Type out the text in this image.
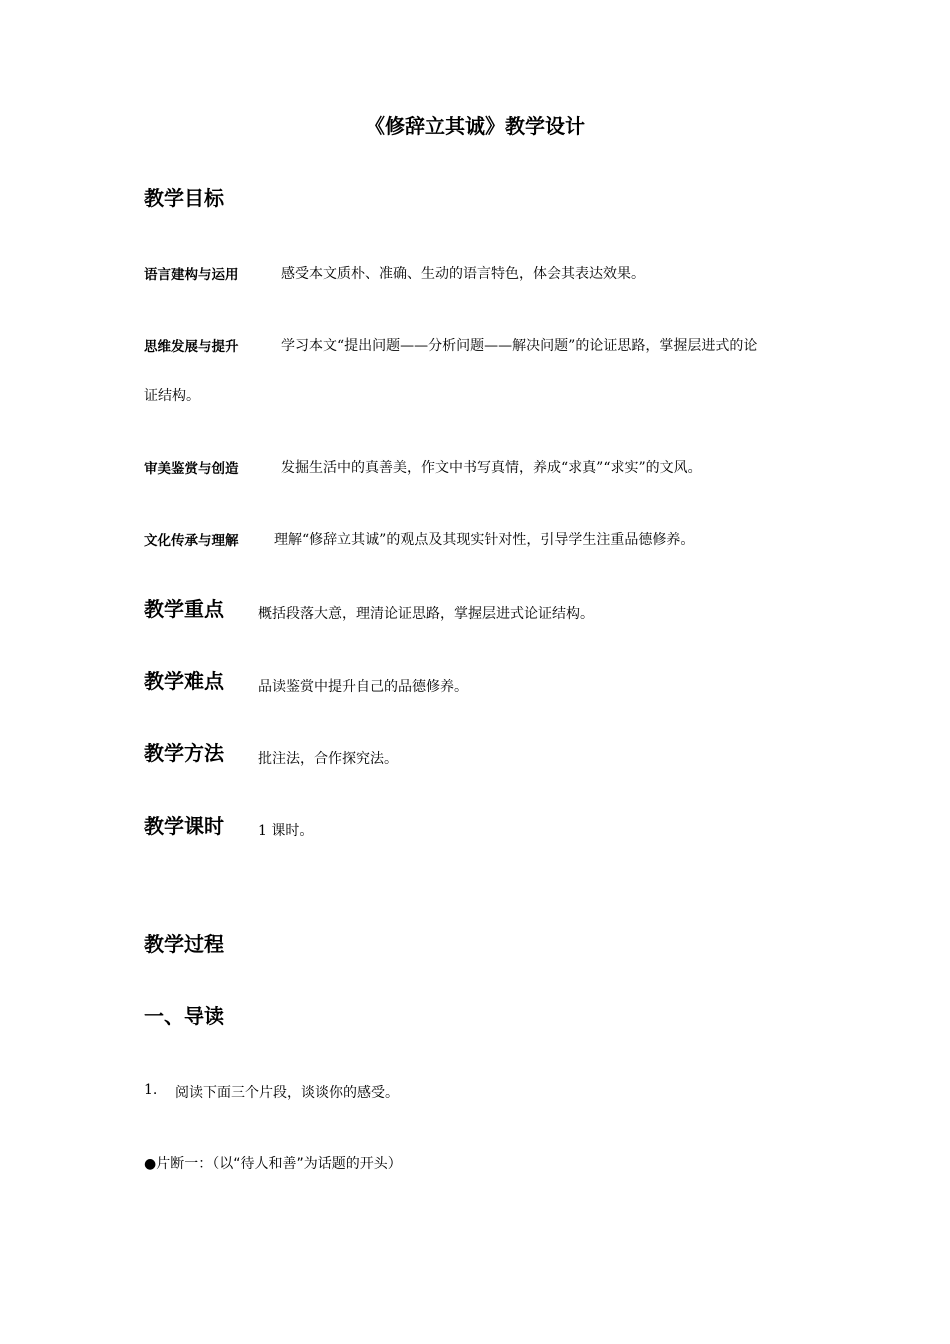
《修辞立其诚》教学设计
教学目标
语言建构与运用	感受本文质朴、准确、生动的语言特色，体会其表达效果。
思维发展与提升	学习本文“提出问题——分析问题——解决问题”的论证思路，掌握层进式的论
证结构。
审美鉴赏与创造	发掘生活中的真善美，作文中书写真情，养成“求真”“求实”的文风。
文化传承与理解	理解“修辞立其诚”的观点及其现实针对性，引导学生注重品德修养。
教学重点 概括段落大意，理清论证思路，掌握层进式论证结构。
教学难点 品读鉴赏中提升自己的品德修养。
教学方法 批注法，合作探究法。
教学课时 1 课时。
教学过程
一、导读
1. 阅读下面三个片段，谈谈你的感受。
●片断一：（以“待人和善”为话题的开头）
